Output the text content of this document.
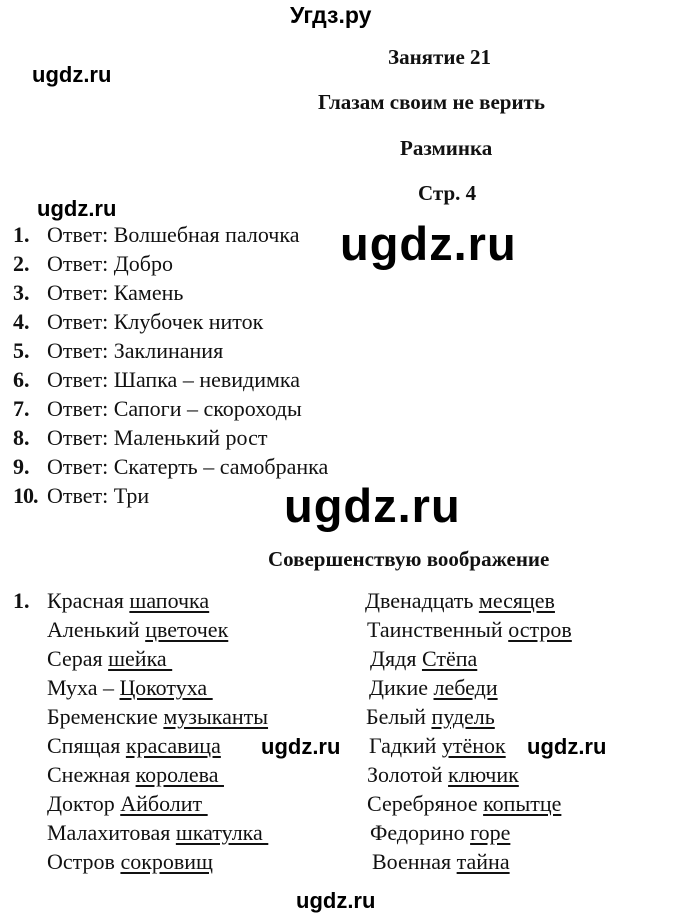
Угдз.ру
Занятие 21
ugdz.ru
Глазам своим не верить
Разминка
Стр. 4
ugdz.ru
1. Ответ: Волшебная палочка
2. Ответ: Добро
3. Ответ: Камень
4. Ответ: Клубочек ниток
5. Ответ: Заклинания
6. Ответ: Шапка – невидимка
7. Ответ: Сапоги – скороходы
8. Ответ: Маленький рост
9. Ответ: Скатерть – самобранка
10. Ответ: Три
ugdz.ru
ugdz.ru
Совершенствую воображение
1. Красная шапочка
Аленький цветочек
Серая шейка
Муха – Цокотуха
Бременские музыканты
Спящая красавица
Снежная королева
Доктор Айболит
Малахитовая шкатулка
Остров сокровищ
Двенадцать месяцев
Таинственный остров
Дядя Стёпа
Дикие лебеди
Белый пудель
Гадкий утёнок
Золотой ключик
Серебряное копытце
Федорино горе
Военная тайна
ugdz.ru	ugdz.ru
ugdz.ru
